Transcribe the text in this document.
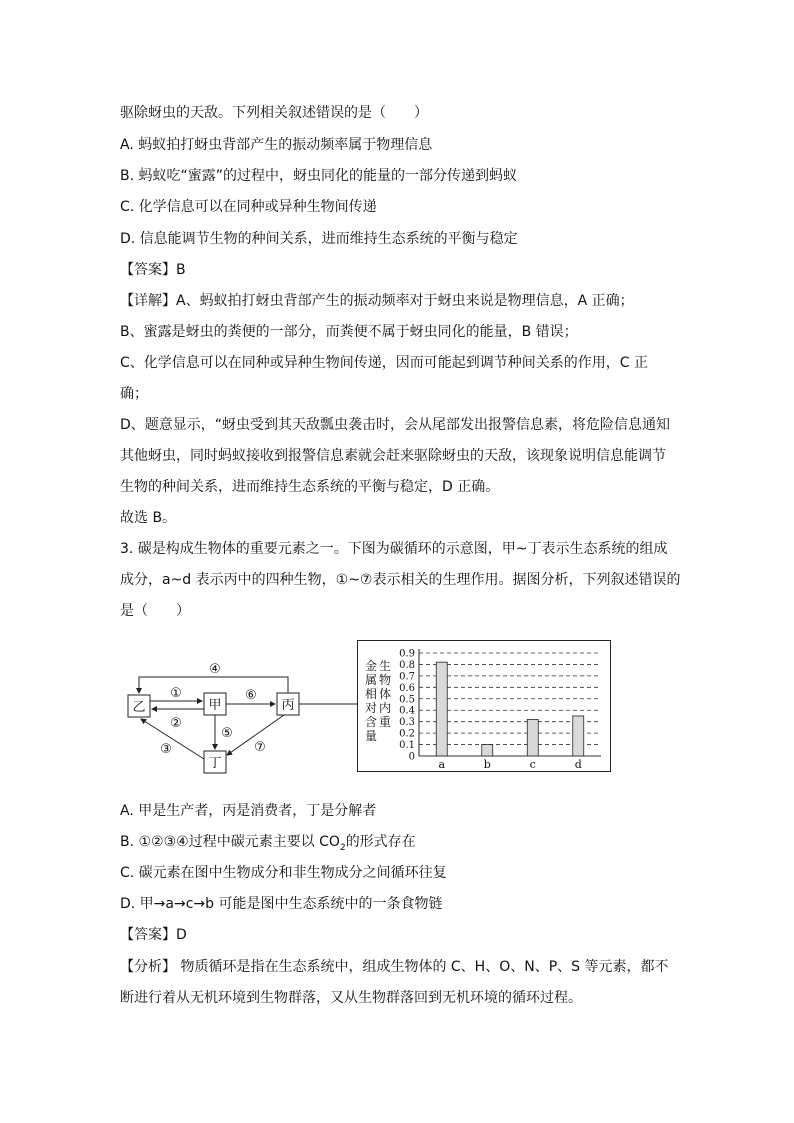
驱除蚜虫的天敌。下列相关叙述错误的是（　　）
A. 蚂蚁拍打蚜虫背部产生的振动频率属于物理信息
B. 蚂蚁吃“蜜露”的过程中，蚜虫同化的能量的一部分传递到蚂蚁
C. 化学信息可以在同种或异种生物间传递
D. 信息能调节生物的种间关系，进而维持生态系统的平衡与稳定
【答案】B
【详解】A、蚂蚁拍打蚜虫背部产生的振动频率对于蚜虫来说是物理信息，A 正确；
B、蜜露是蚜虫的粪便的一部分，而粪便不属于蚜虫同化的能量，B 错误；
C、化学信息可以在同种或异种生物间传递，因而可能起到调节种间关系的作用，C 正
确；
D、题意显示，“蚜虫受到其天敌瓢虫袭击时，会从尾部发出报警信息素，将危险信息通知
其他蚜虫，同时蚂蚁接收到报警信息素就会赶来驱除蚜虫的天敌，该现象说明信息能调节
生物的种间关系，进而维持生态系统的平衡与稳定，D 正确。
故选 B。
3. 碳是构成生物体的重要元素之一。下图为碳循环的示意图，甲~丁表示生态系统的组成
成分，a~d 表示丙中的四种生物，①~⑦表示相关的生理作用。据图分析，下列叙述错误的
是（　　）
乙	甲	丙
丁
④
①
②
⑥
⑤
③	⑦
金
属
相
对
含
量
生
物
体
内
重
0.9
0.8
0.7
0.6
0.5
0.4
0.3
0.2
0.1
0
a	b	c	d
A. 甲是生产者，丙是消费者，丁是分解者
B. ①②③④过程中碳元素主要以 $CO_2$的形式存在
C. 碳元素在图中生物成分和非生物成分之间循环往复
D. 甲→a→c→b 可能是图中生态系统中的一条食物链
【答案】D
【分析】 物质循环是指在生态系统中，组成生物体的 C、H、O、N、P、S 等元素，都不
断进行着从无机环境到生物群落，又从生物群落回到无机环境的循环过程。
